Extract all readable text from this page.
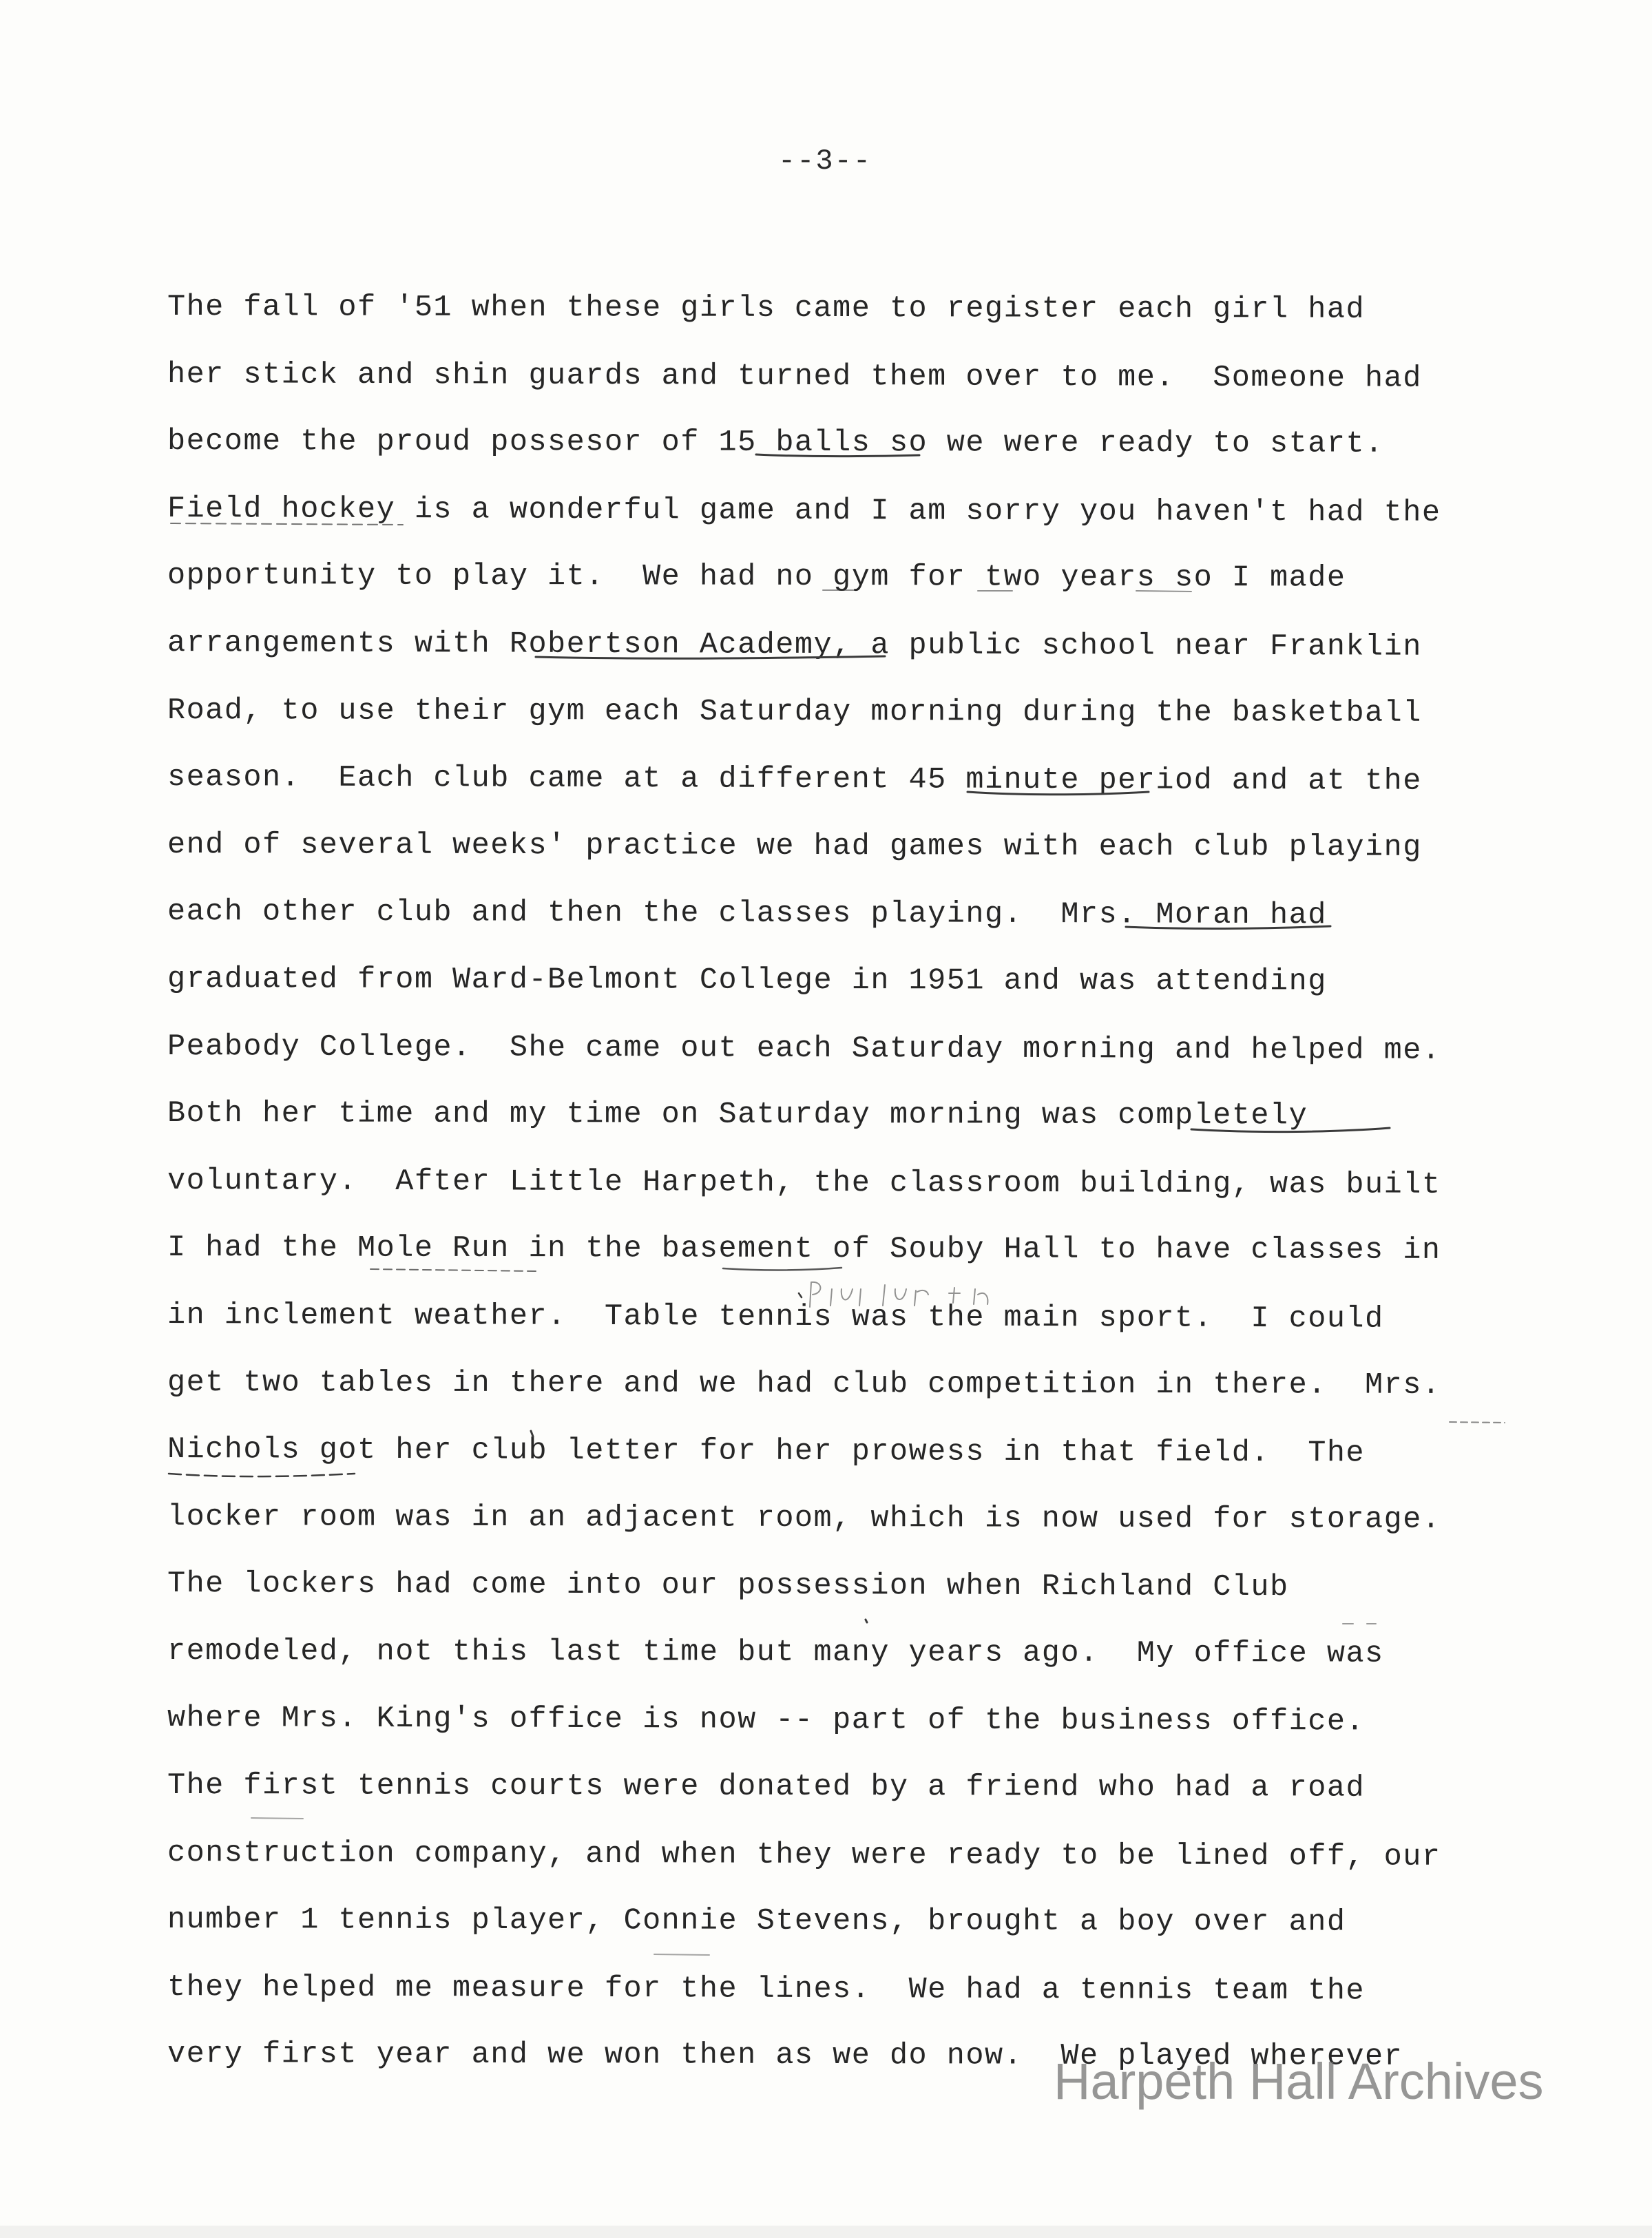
--3--
The fall of '51 when these girls came to register each girl had
her stick and shin guards and turned them over to me.  Someone had
become the proud possesor of 15 balls so we were ready to start.
Field hockey is a wonderful game and I am sorry you haven't had the
opportunity to play it.  We had no gym for two years so I made
arrangements with Robertson Academy, a public school near Franklin
Road, to use their gym each Saturday morning during the basketball
season.  Each club came at a different 45 minute period and at the
end of several weeks' practice we had games with each club playing
each other club and then the classes playing.  Mrs. Moran had
graduated from Ward-Belmont College in 1951 and was attending
Peabody College.  She came out each Saturday morning and helped me.
Both her time and my time on Saturday morning was completely
voluntary.  After Little Harpeth, the classroom building, was built
I had the Mole Run in the basement of Souby Hall to have classes in
in inclement weather.  Table tennis was the main sport.  I could
get two tables in there and we had club competition in there.  Mrs.
Nichols got her club letter for her prowess in that field.  The
locker room was in an adjacent room, which is now used for storage.
The lockers had come into our possession when Richland Club
remodeled, not this last time but many years ago.  My office was
where Mrs. King's office is now -- part of the business office.
The first tennis courts were donated by a friend who had a road
construction company, and when they were ready to be lined off, our
number 1 tennis player, Connie Stevens, brought a boy over and
they helped me measure for the lines.  We had a tennis team the
very first year and we won then as we do now.  We played wherever
Harpeth Hall Archives
